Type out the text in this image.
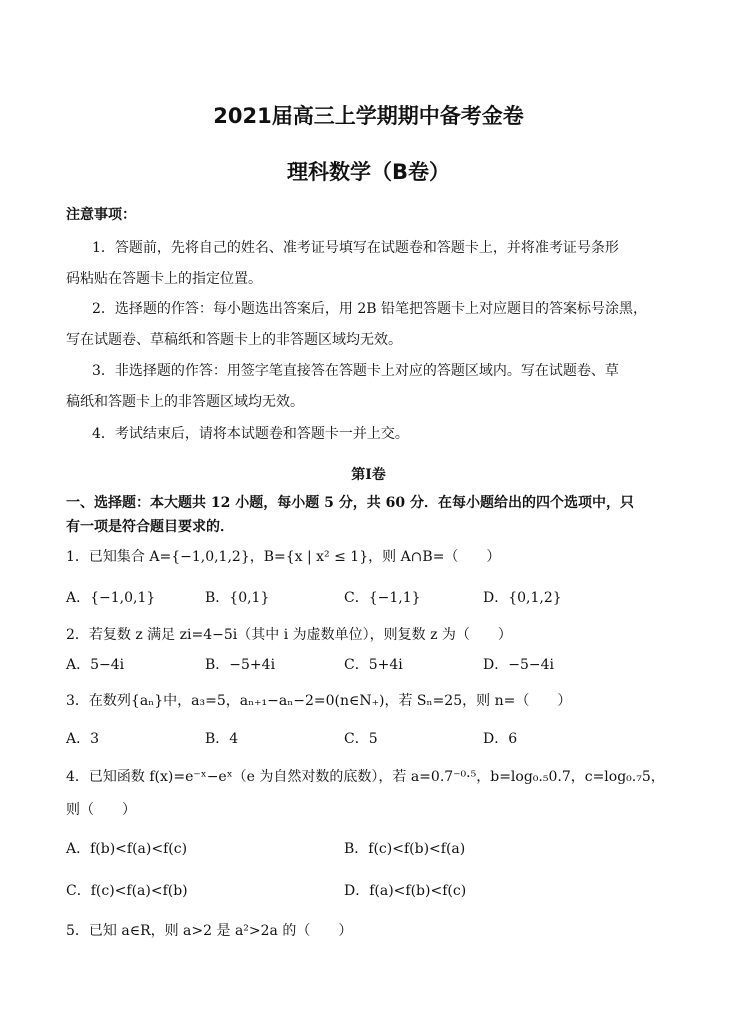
2021届高三上学期期中备考金卷
理科数学（B卷）
注意事项：
1．答题前，先将自己的姓名、准考证号填写在试题卷和答题卡上，并将准考证号条形
码粘贴在答题卡上的指定位置。
2．选择题的作答：每小题选出答案后，用 2B 铅笔把答题卡上对应题目的答案标号涂黑，
写在试题卷、草稿纸和答题卡上的非答题区域均无效。
3．非选择题的作答：用签字笔直接答在答题卡上对应的答题区域内。写在试题卷、草
稿纸和答题卡上的非答题区域均无效。
4．考试结束后，请将本试题卷和答题卡一并上交。
第Ⅰ卷
一、选择题：本大题共 12 小题，每小题 5 分，共 60 分．在每小题给出的四个选项中，只
有一项是符合题目要求的．
1．已知集合 A={−1,0,1,2}，B={x | x² ≤ 1}，则 A∩B=（　　）
A．{−1,0,1}	B．{0,1}	C．{−1,1}	D．{0,1,2}
2．若复数 z 满足 zi=4−5i（其中 i 为虚数单位），则复数 z 为（　　）
A．5−4i	B．−5+4i	C．5+4i	D．−5−4i
3．在数列{aₙ}中，a₃=5，aₙ₊₁−aₙ−2=0(n∈N₊)，若 Sₙ=25，则 n=（　　）
A．3	B．4	C．5	D．6
4．已知函数 f(x)=e⁻ˣ−eˣ（e 为自然对数的底数），若 a=0.7⁻⁰·⁵，b=log₀.₅0.7，c=log₀.₇5，
则（　　）
A．f(b)<f(a)<f(c)	B．f(c)<f(b)<f(a)
C．f(c)<f(a)<f(b)	D．f(a)<f(b)<f(c)
5．已知 a∈R，则 a>2 是 a²>2a 的（　　）
